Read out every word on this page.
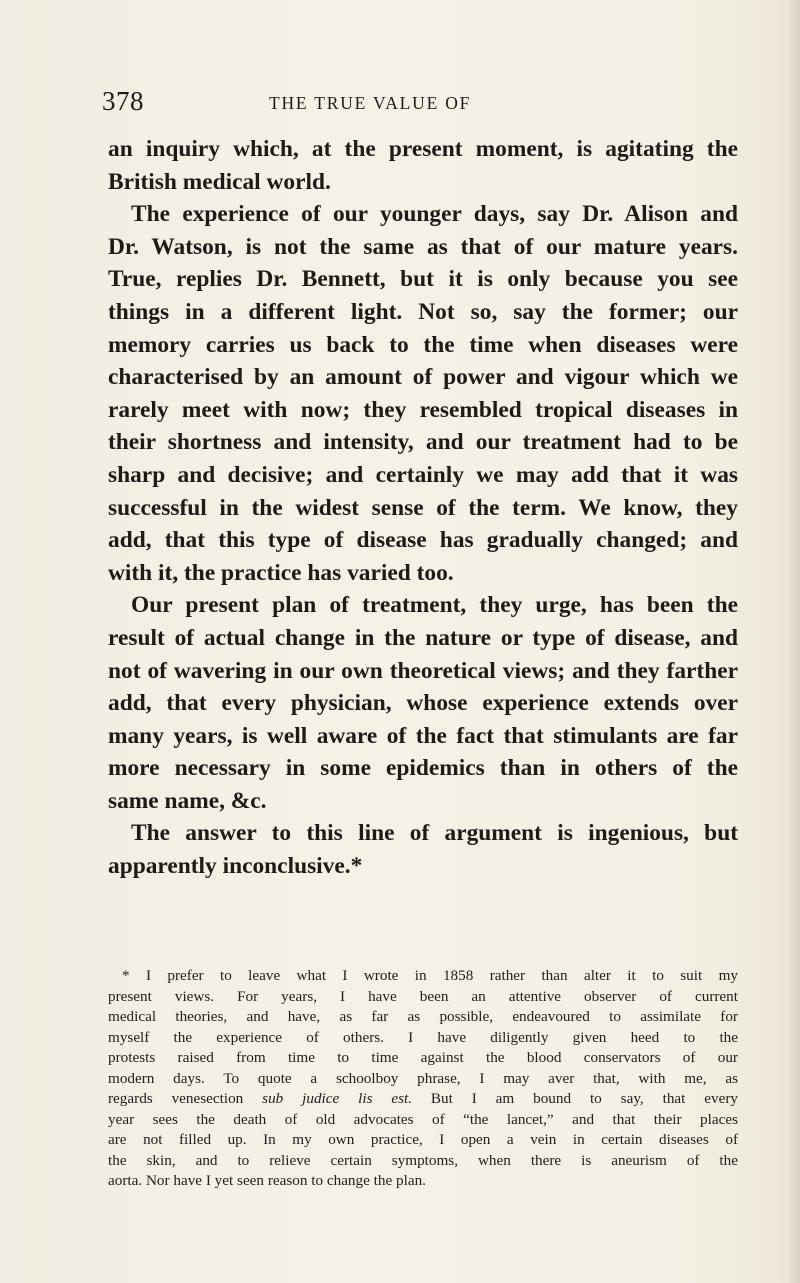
378	THE TRUE VALUE OF
an inquiry which, at the present moment, is agitating the
British medical world.
The experience of our younger days, say Dr. Alison and
Dr. Watson, is not the same as that of our mature years.
True, replies Dr. Bennett, but it is only because you see
things in a different light. Not so, say the former; our
memory carries us back to the time when diseases were
characterised by an amount of power and vigour which we
rarely meet with now; they resembled tropical diseases in
their shortness and intensity, and our treatment had to be
sharp and decisive; and certainly we may add that it was
successful in the widest sense of the term. We know, they
add, that this type of disease has gradually changed; and
with it, the practice has varied too.
Our present plan of treatment, they urge, has been the
result of actual change in the nature or type of disease, and
not of wavering in our own theoretical views; and they farther
add, that every physician, whose experience extends over
many years, is well aware of the fact that stimulants are far
more necessary in some epidemics than in others of the
same name, &c.
The answer to this line of argument is ingenious, but
apparently inconclusive.*
* I prefer to leave what I wrote in 1858 rather than alter it to suit my
present views. For years, I have been an attentive observer of current
medical theories, and have, as far as possible, endeavoured to assimilate for
myself the experience of others. I have diligently given heed to the
protests raised from time to time against the blood conservators of our
modern days. To quote a schoolboy phrase, I may aver that, with me, as
regards venesection sub judice lis est. But I am bound to say, that every
year sees the death of old advocates of “the lancet,” and that their places
are not filled up. In my own practice, I open a vein in certain diseases of
the skin, and to relieve certain symptoms, when there is aneurism of the
aorta. Nor have I yet seen reason to change the plan.
